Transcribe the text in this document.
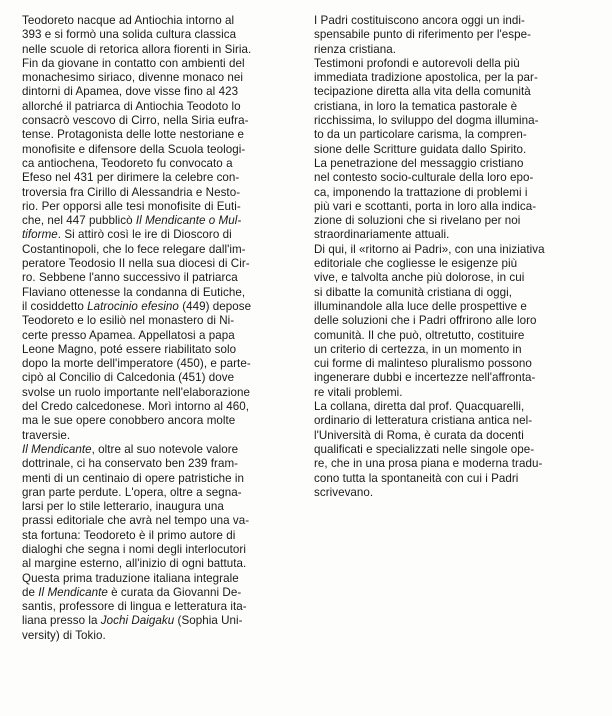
Teodoreto nacque ad Antiochia intorno al
393 e si formò una solida cultura classica
nelle scuole di retorica allora fiorenti in Siria.
Fin da giovane in contatto con ambienti del
monachesimo siriaco, divenne monaco nei
dintorni di Apamea, dove visse fino al 423
allorché il patriarca di Antiochia Teodoto lo
consacrò vescovo di Cirro, nella Siria eufra-
tense. Protagonista delle lotte nestoriane e
monofisite e difensore della Scuola teologi-
ca antiochena, Teodoreto fu convocato a
Efeso nel 431 per dirimere la celebre con-
troversia fra Cirillo di Alessandria e Nesto-
rio. Per opporsi alle tesi monofisite di Euti-
che, nel 447 pubblicò Il Mendicante o Mul-
tiforme. Si attirò così le ire di Dioscoro di
Costantinopoli, che lo fece relegare dall'im-
peratore Teodosio II nella sua diocesi di Cir-
ro. Sebbene l'anno successivo il patriarca
Flaviano ottenesse la condanna di Eutiche,
il cosiddetto Latrocinio efesino (449) depose
Teodoreto e lo esiliò nel monastero di Ni-
certe presso Apamea. Appellatosi a papa
Leone Magno, poté essere riabilitato solo
dopo la morte dell'imperatore (450), e parte-
cipò al Concilio di Calcedonia (451) dove
svolse un ruolo importante nell'elaborazione
del Credo calcedonese. Morì intorno al 460,
ma le sue opere conobbero ancora molte
traversie.

Il Mendicante, oltre al suo notevole valore
dottrinale, ci ha conservato ben 239 fram-
menti di un centinaio di opere patristiche in
gran parte perdute. L'opera, oltre a segna-
larsi per lo stile letterario, inaugura una
prassi editoriale che avrà nel tempo una va-
sta fortuna: Teodoreto è il primo autore di
dialoghi che segna i nomi degli interlocutori
al margine esterno, all'inizio di ogni battuta.

Questa prima traduzione italiana integrale
de Il Mendicante è curata da Giovanni De-
santis, professore di lingua e letteratura ita-
liana presso la Jochi Daigaku (Sophia Uni-
versity) di Tokio.

I Padri costituiscono ancora oggi un indi-
spensabile punto di riferimento per l'espe-
rienza cristiana.

Testimoni profondi e autorevoli della più
immediata tradizione apostolica, per la par-
tecipazione diretta alla vita della comunità
cristiana, in loro la tematica pastorale è
ricchissima, lo sviluppo del dogma illumina-
to da un particolare carisma, la compren-
sione delle Scritture guidata dallo Spirito.

La penetrazione del messaggio cristiano
nel contesto socio-culturale della loro epo-
ca, imponendo la trattazione di problemi i
più vari e scottanti, porta in loro alla indica-
zione di soluzioni che si rivelano per noi
straordinariamente attuali.

Di qui, il «ritorno ai Padri», con una iniziativa
editoriale che cogliesse le esigenze più
vive, e talvolta anche più dolorose, in cui
si dibatte la comunità cristiana di oggi,
illuminandole alla luce delle prospettive e
delle soluzioni che i Padri offrirono alle loro
comunità. Il che può, oltretutto, costituire
un criterio di certezza, in un momento in
cui forme di malinteso pluralismo possono
ingenerare dubbi e incertezze nell'affronta-
re vitali problemi.

La collana, diretta dal prof. Quacquarelli,
ordinario di letteratura cristiana antica nel-
l'Università di Roma, è curata da docenti
qualificati e specializzati nelle singole ope-
re, che in una prosa piana e moderna tradu-
cono tutta la spontaneità con cui i Padri
scrivevano.
